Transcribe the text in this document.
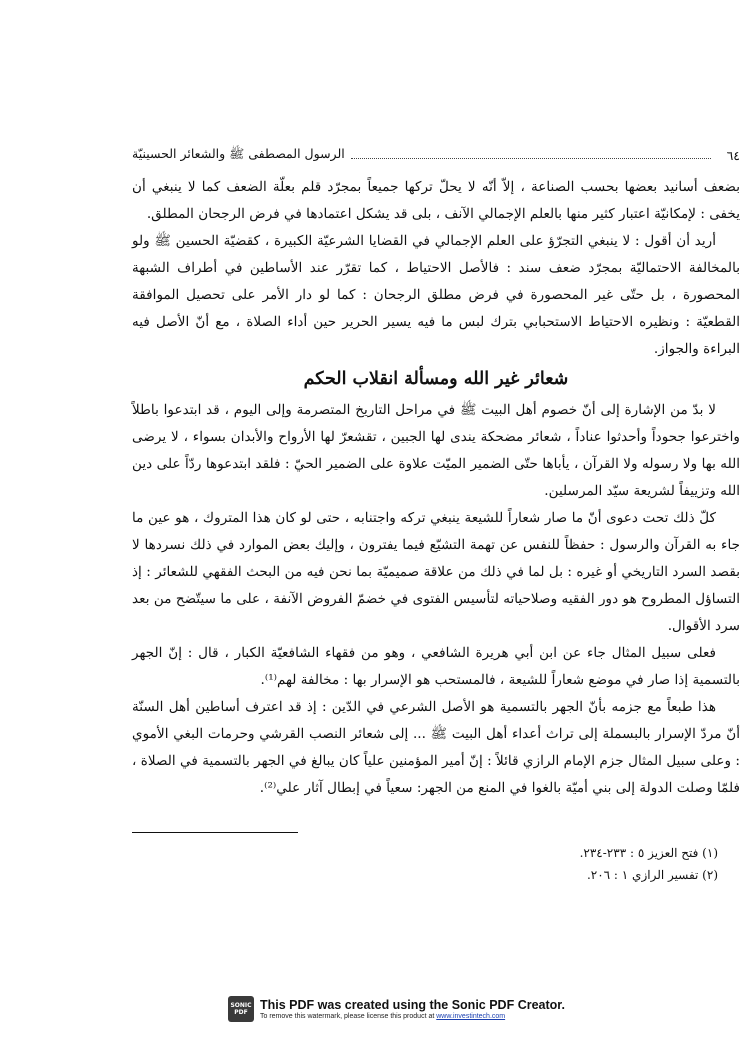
٦٤
الرسول المصطفى ﷺ والشعائر الحسينيّة

بضعف أسانيد بعضها بحسب الصناعة ، إلاّ أنّه لا يحلّ تركها جميعاً بمجرّد قلم بعلّة الضعف كما لا ينبغي أن يخفى : لإمكانيّة اعتبار كثير منها بالعلم الإجمالي الآنف ، بلى قد يشكل اعتمادها في فرض الرجحان المطلق.

أريد أن أقول : لا ينبغي التجرّؤ على العلم الإجمالي في القضايا الشرعيّة الكبيرة ، كقضيّة الحسين ﷺ ولو بالمخالفة الاحتماليّة بمجرّد ضعف سند : فالأصل الاحتياط ، كما تقرّر عند الأساطين في أطراف الشبهة المحصورة ، بل حتّى غير المحصورة في فرض مطلق الرجحان : كما لو دار الأمر على تحصيل الموافقة القطعيّة : ونظيره الاحتياط الاستحبابي بترك لبس ما فيه يسير الحرير حين أداء الصلاة ، مع أنّ الأصل فيه البراءة والجواز.

شعائر غير الله ومسألة انقلاب الحكم

لا بدّ من الإشارة إلى أنّ خصوم أهل البيت ﷺ في مراحل التاريخ المتصرمة وإلى اليوم ، قد ابتدعوا باطلاً واخترعوا جحوداً وأحدثوا عناداً ، شعائر مضحكة يندى لها الجبين ، تقشعرّ لها الأرواح والأبدان بسواء ، لا يرضى الله بها ولا رسوله ولا القرآن ، يأباها حتّى الضمير الميّت علاوة على الضمير الحيّ : فلقد ابتدعوها ردّاً على دين الله وتزييفاً لشريعة سيّد المرسلين.

كلّ ذلك تحت دعوى أنّ ما صار شعاراً للشيعة ينبغي تركه واجتنابه ، حتى لو كان هذا المتروك ، هو عين ما جاء به القرآن والرسول : حفظاً للنفس عن تهمة التشيّع فيما يفترون ، وإليك بعض الموارد في ذلك نسردها لا بقصد السرد التاريخي أو غيره : بل لما في ذلك من علاقة صميميّة بما نحن فيه من البحث الفقهي للشعائر : إذ التساؤل المطروح هو دور الفقيه وصلاحياته لتأسيس الفتوى في خضمّ الفروض الآنفة ، على ما سيتّضح من بعد سرد الأقوال.

فعلى سبيل المثال جاء عن ابن أبي هريرة الشافعي ، وهو من فقهاء الشافعيّة الكبار ، قال : إنّ الجهر بالتسمية إذا صار في موضع شعاراً للشيعة ، فالمستحب هو الإسرار بها : مخالفة لهم⁽¹⁾.

هذا طبعاً مع جزمه بأنّ الجهر بالتسمية هو الأصل الشرعي في الدّين : إذ قد اعترف أساطين أهل السنّة أنّ مردّ الإسرار بالبسملة إلى تراث أعداء أهل البيت ﷺ ... إلى شعائر النصب القرشي وحرمات البغي الأموي : وعلى سبيل المثال جزم الإمام الرازي قائلاً : إنّ أمير المؤمنين علياً كان يبالغ في الجهر بالتسمية في الصلاة ، فلمّا وصلت الدولة إلى بني أميّة بالغوا في المنع من الجهر: سعياً في إبطال آثار علي⁽²⁾.

(١) فتح العزيز ٥ : ٢٣٣-٢٣٤.
(٢) تفسير الرازي ١ : ٢٠٦.
SONIC PDF
This PDF was created using the Sonic PDF Creator.
To remove this watermark, please license this product at www.investintech.com
